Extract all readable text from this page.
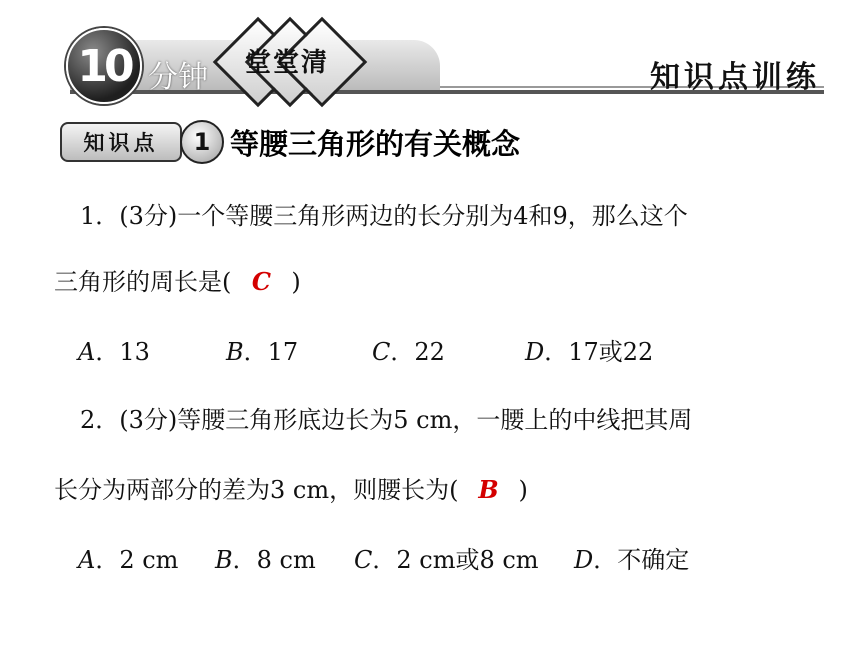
10 分钟	堂堂清	知识点训练
知识点	1 等腰三角形的有关概念
1．(3分)一个等腰三角形两边的长分别为4和9，那么这个
三角形的周长是( C )
A．13	B．17	C．22	D．17或22
2．(3分)等腰三角形底边长为5 cm，一腰上的中线把其周
长分为两部分的差为3 cm，则腰长为( B )
A．2 cm B．8 cm C．2 cm或8 cm D．不确定
